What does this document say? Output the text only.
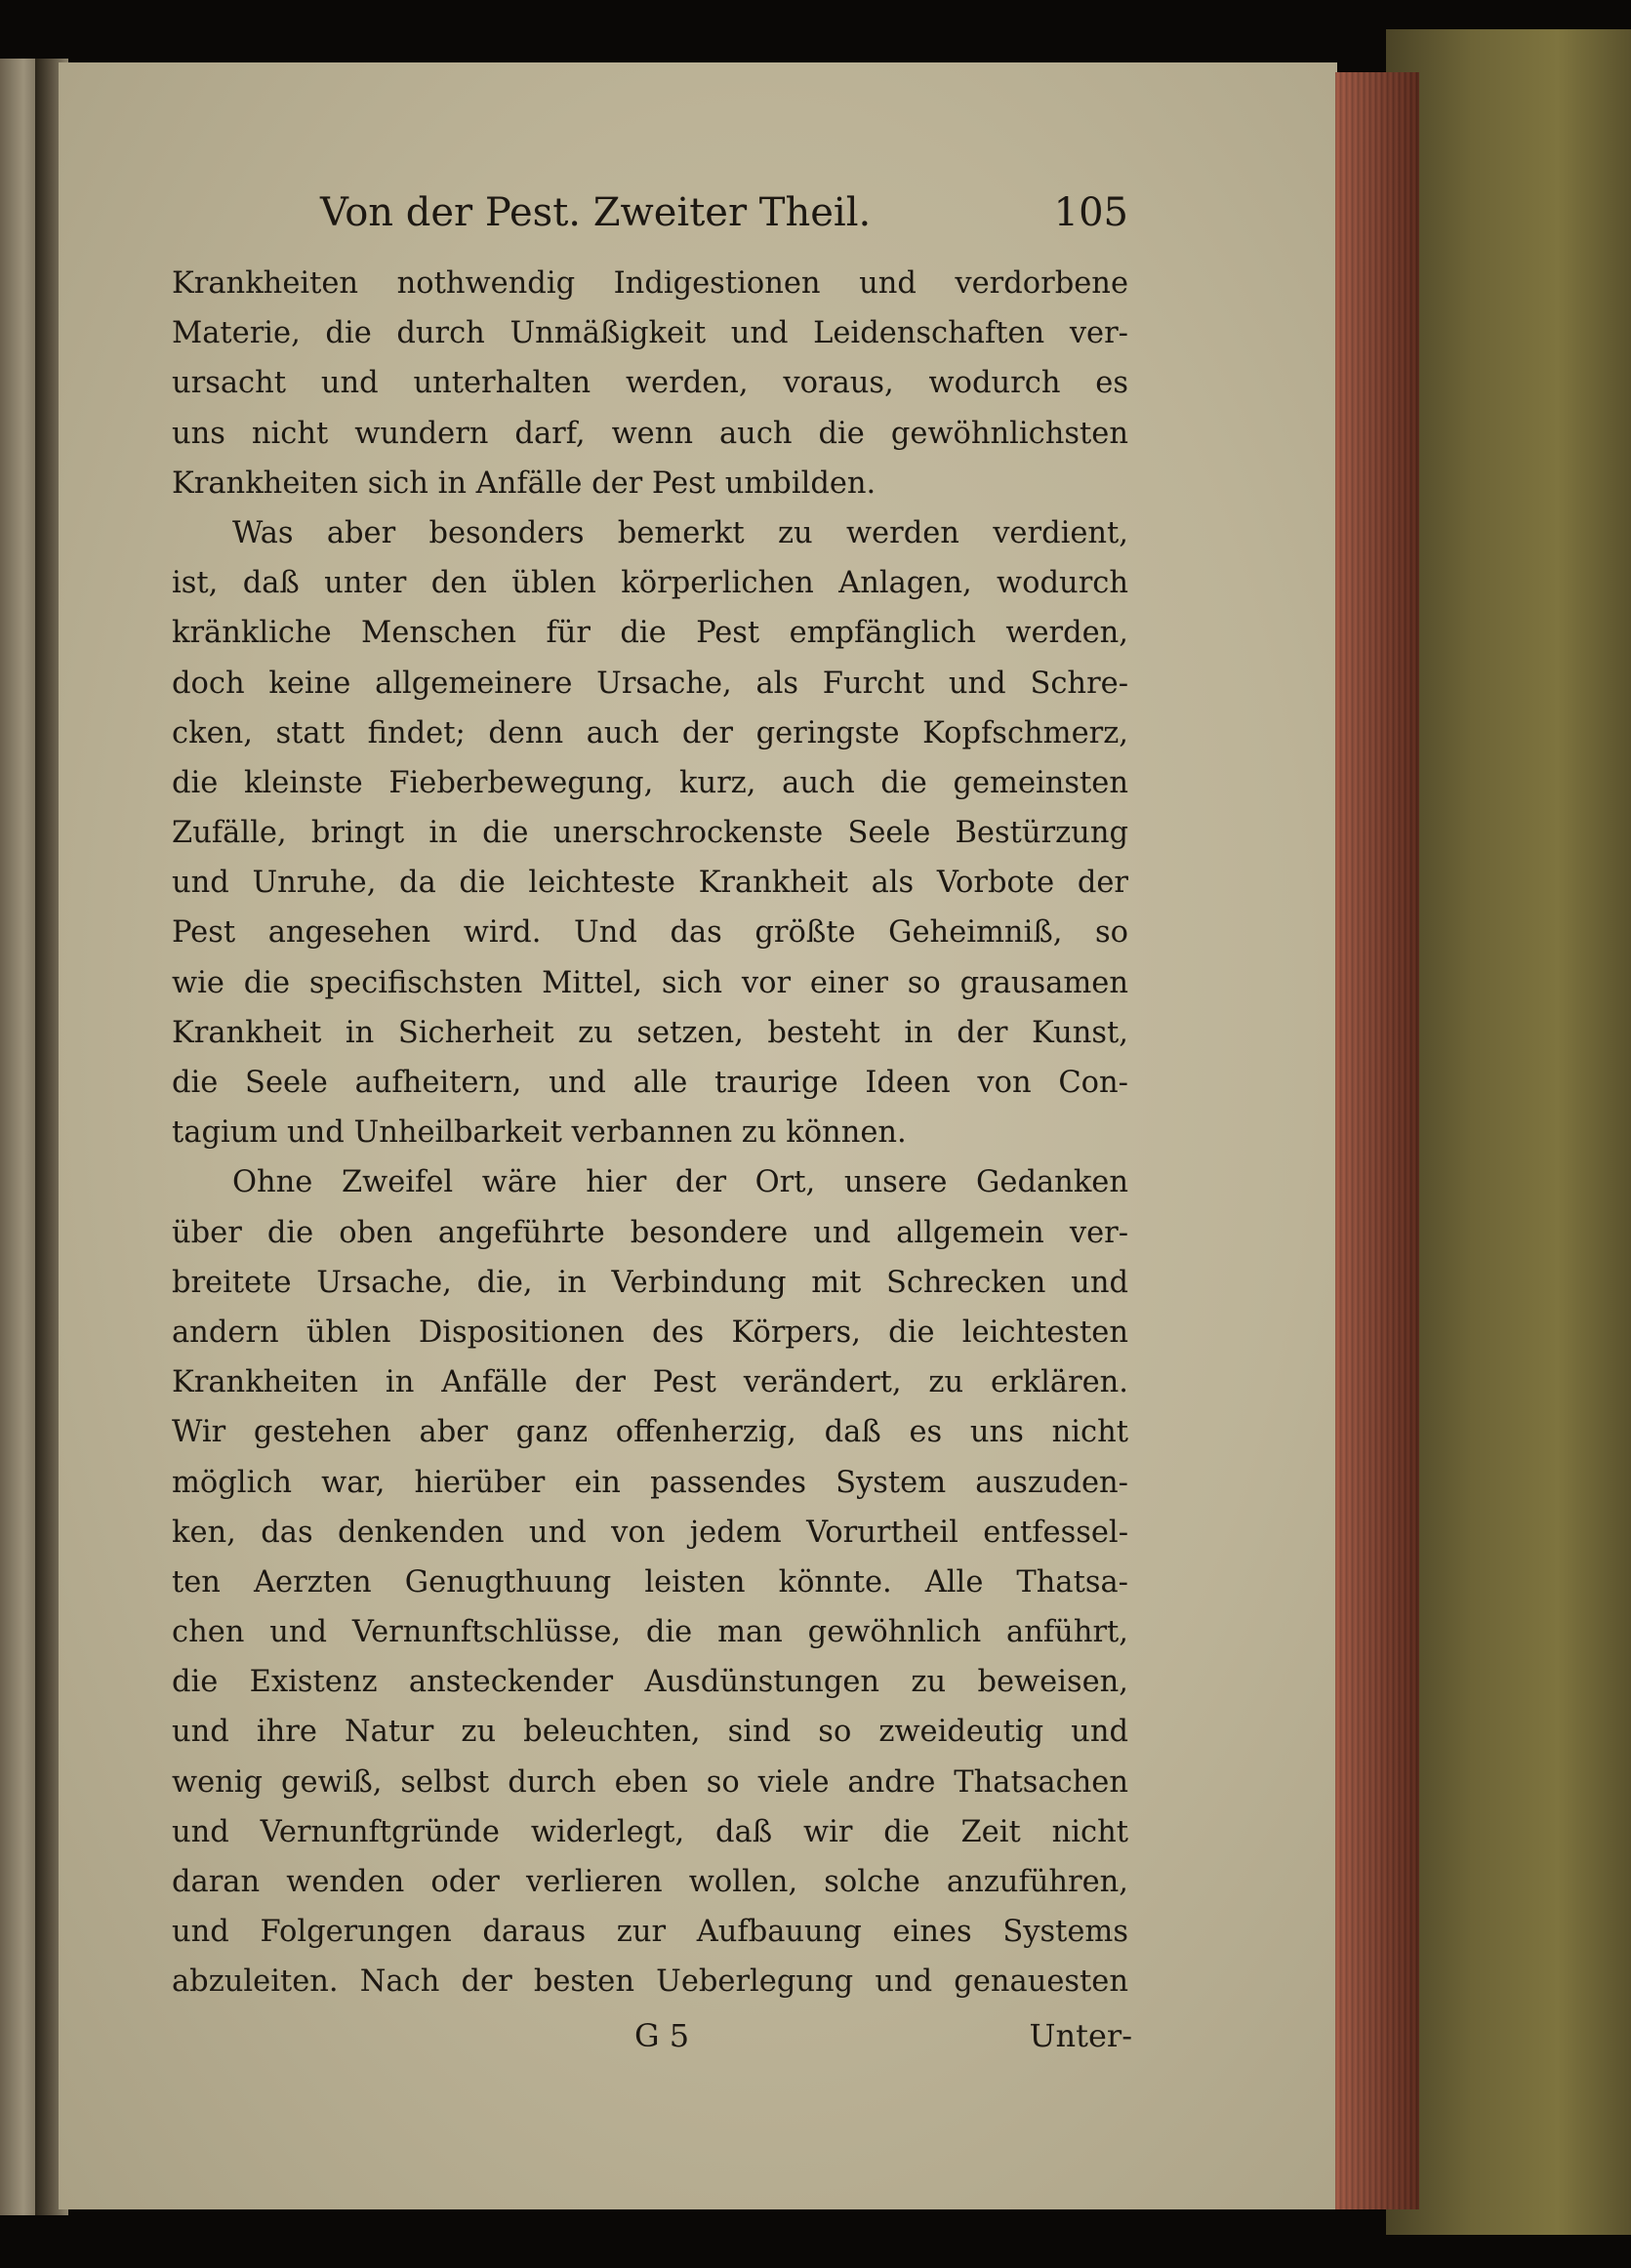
Von der Pest. Zweiter Theil.	105
Krankheiten nothwendig Indigestionen und verdorbene
Materie, die durch Unmäßigkeit und Leidenschaften ver-
ursacht und unterhalten werden, voraus, wodurch es
uns nicht wundern darf, wenn auch die gewöhnlichsten
Krankheiten sich in Anfälle der Pest umbilden.
Was aber besonders bemerkt zu werden verdient,
ist, daß unter den üblen körperlichen Anlagen, wodurch
kränkliche Menschen für die Pest empfänglich werden,
doch keine allgemeinere Ursache, als Furcht und Schre-
cken, statt findet; denn auch der geringste Kopfschmerz,
die kleinste Fieberbewegung, kurz, auch die gemeinsten
Zufälle, bringt in die unerschrockenste Seele Bestürzung
und Unruhe, da die leichteste Krankheit als Vorbote der
Pest angesehen wird. Und das größte Geheimniß, so
wie die specifischsten Mittel, sich vor einer so grausamen
Krankheit in Sicherheit zu setzen, besteht in der Kunst,
die Seele aufheitern, und alle traurige Ideen von Con-
tagium und Unheilbarkeit verbannen zu können.
Ohne Zweifel wäre hier der Ort, unsere Gedanken
über die oben angeführte besondere und allgemein ver-
breitete Ursache, die, in Verbindung mit Schrecken und
andern üblen Dispositionen des Körpers, die leichtesten
Krankheiten in Anfälle der Pest verändert, zu erklären.
Wir gestehen aber ganz offenherzig, daß es uns nicht
möglich war, hierüber ein passendes System auszuden-
ken, das denkenden und von jedem Vorurtheil entfessel-
ten Aerzten Genugthuung leisten könnte. Alle Thatsa-
chen und Vernunftschlüsse, die man gewöhnlich anführt,
die Existenz ansteckender Ausdünstungen zu beweisen,
und ihre Natur zu beleuchten, sind so zweideutig und
wenig gewiß, selbst durch eben so viele andre Thatsachen
und Vernunftgründe widerlegt, daß wir die Zeit nicht
daran wenden oder verlieren wollen, solche anzuführen,
und Folgerungen daraus zur Aufbauung eines Systems
abzuleiten. Nach der besten Ueberlegung und genauesten
G 5	Unter-
